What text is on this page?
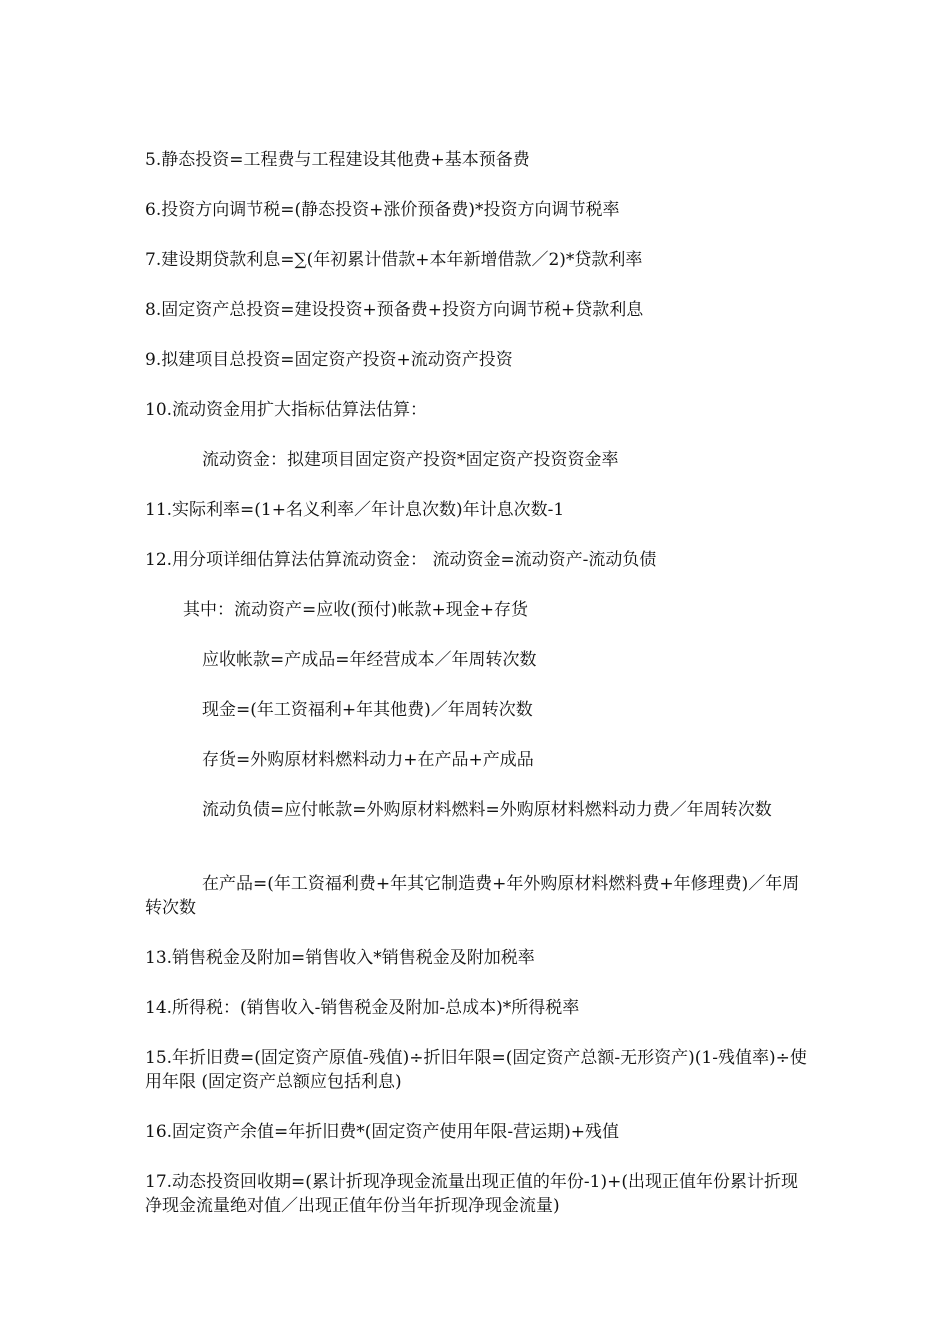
5.静态投资=工程费与工程建设其他费+基本预备费
6.投资方向调节税=(静态投资+涨价预备费)*投资方向调节税率
7.建设期贷款利息=∑(年初累计借款+本年新增借款／2)*贷款利率
8.固定资产总投资=建设投资+预备费+投资方向调节税+贷款利息
9.拟建项目总投资=固定资产投资+流动资产投资
10.流动资金用扩大指标估算法估算：
流动资金：拟建项目固定资产投资*固定资产投资资金率
11.实际利率=(1+名义利率／年计息次数)年计息次数-1
12.用分项详细估算法估算流动资金： 流动资金=流动资产-流动负债
其中：流动资产=应收(预付)帐款+现金+存货
应收帐款=产成品=年经营成本／年周转次数
现金=(年工资福利+年其他费)／年周转次数
存货=外购原材料燃料动力+在产品+产成品
流动负债=应付帐款=外购原材料燃料=外购原材料燃料动力费／年周转次数
在产品=(年工资福利费+年其它制造费+年外购原材料燃料费+年修理费)／年周转次数
13.销售税金及附加=销售收入*销售税金及附加税率
14.所得税：(销售收入-销售税金及附加-总成本)*所得税率
15.年折旧费=(固定资产原值-残值)÷折旧年限=(固定资产总额-无形资产)(1-残值率)÷使用年限 (固定资产总额应包括利息)
16.固定资产余值=年折旧费*(固定资产使用年限-营运期)+残值
17.动态投资回收期=(累计折现净现金流量出现正值的年份-1)+(出现正值年份累计折现净现金流量绝对值／出现正值年份当年折现净现金流量)
